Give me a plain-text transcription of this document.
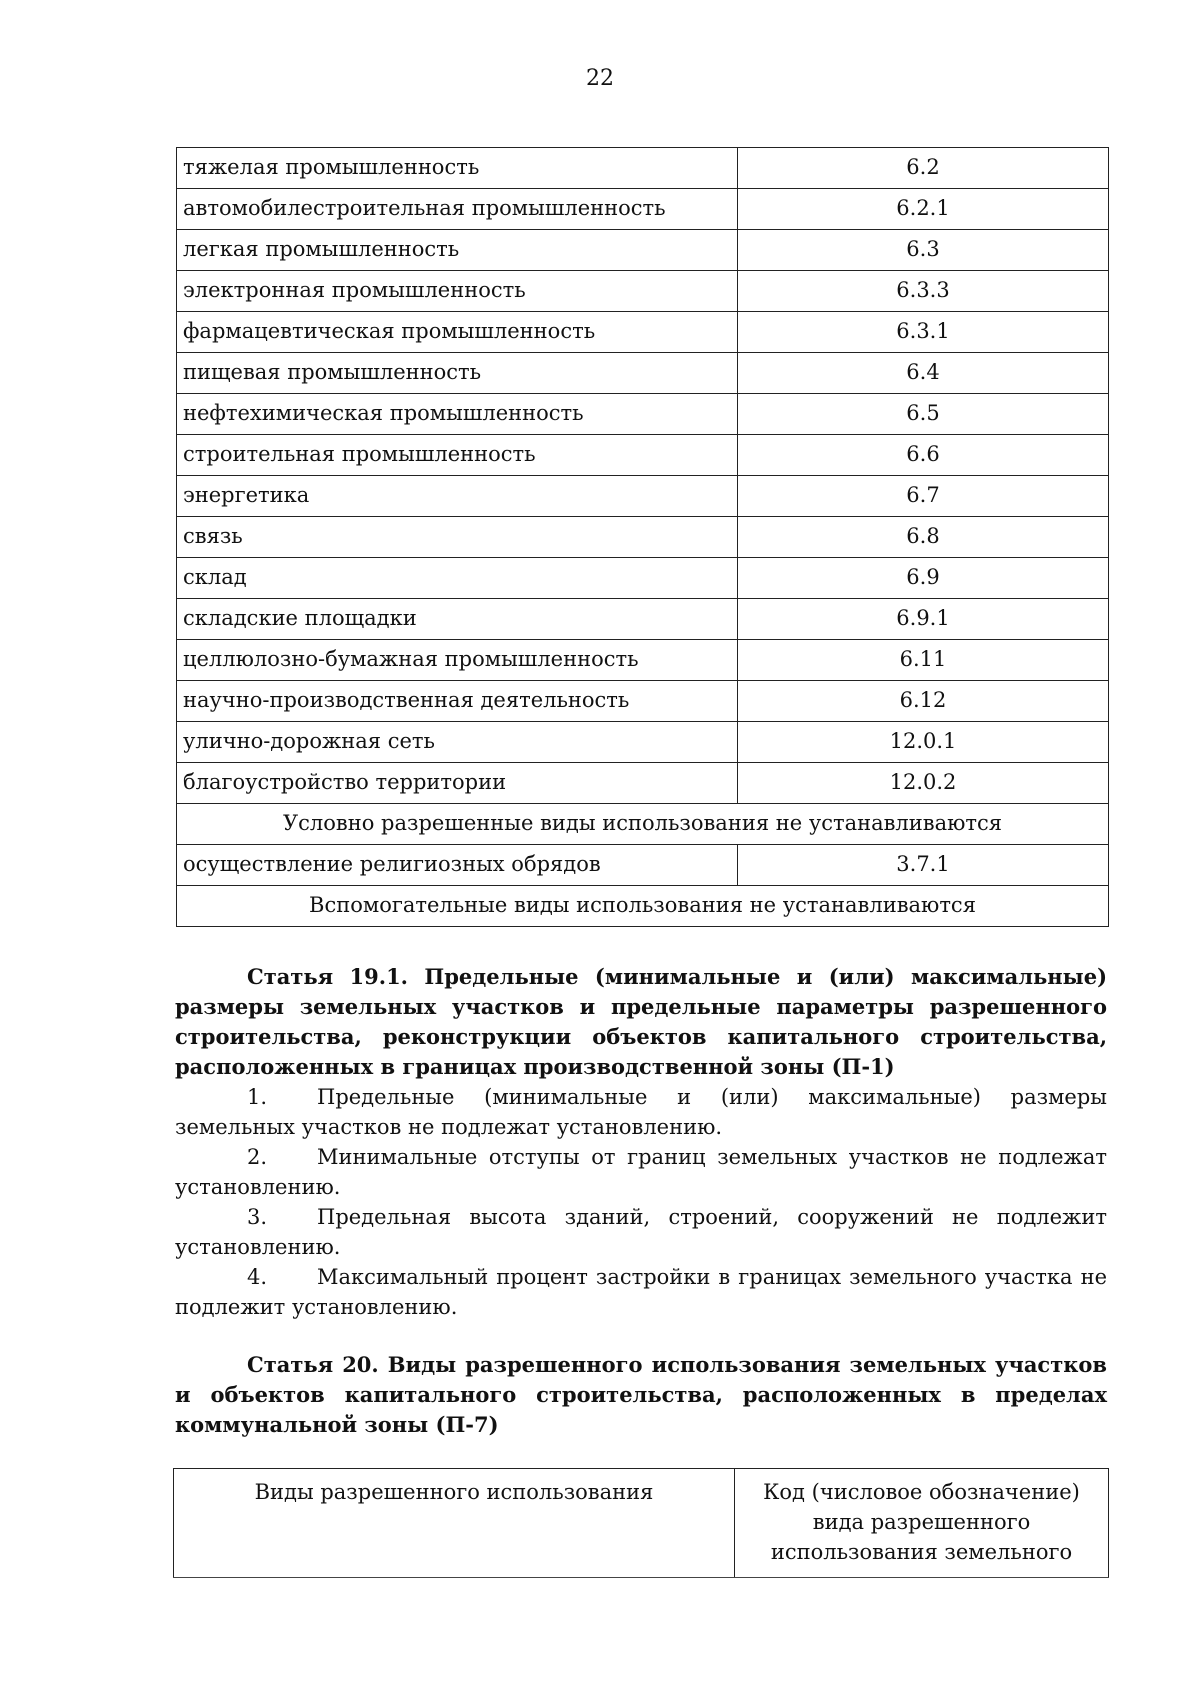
22
тяжелая промышленность	6.2
автомобилестроительная промышленность	6.2.1
легкая промышленность	6.3
электронная промышленность	6.3.3
фармацевтическая промышленность	6.3.1
пищевая промышленность	6.4
нефтехимическая промышленность	6.5
строительная промышленность	6.6
энергетика	6.7
связь	6.8
склад	6.9
складские площадки	6.9.1
целлюлозно-бумажная промышленность	6.11
научно-производственная деятельность	6.12
улично-дорожная сеть	12.0.1
благоустройство территории	12.0.2
Условно разрешенные виды использования не устанавливаются	
осуществление религиозных обрядов	3.7.1
Вспомогательные виды использования не устанавливаются	

Статья 19.1. Предельные (минимальные и (или) максимальные) размеры земельных участков и предельные параметры разрешенного строительства, реконструкции объектов капитального строительства, расположенных в границах производственной зоны (П-1)

1. Предельные (минимальные и (или) максимальные) размеры земельных участков не подлежат установлению.

2. Минимальные отступы от границ земельных участков не подлежат установлению.

3. Предельная высота зданий, строений, сооружений не подлежит установлению.

4. Максимальный процент застройки в границах земельного участка не подлежит установлению.

Статья 20. Виды разрешенного использования земельных участков и объектов капитального строительства, расположенных в пределах коммунальной зоны (П-7)

Виды разрешенного использования	Код (числовое обозначение) вида разрешенного использования земельного
